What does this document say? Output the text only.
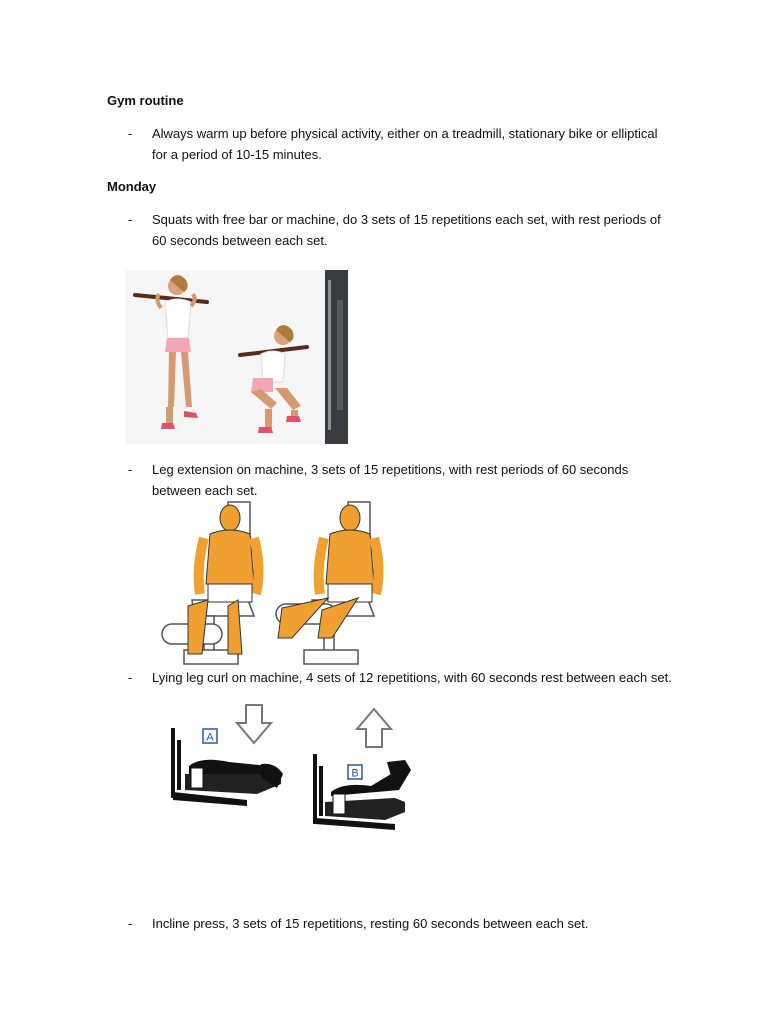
Gym routine
- Always warm up before physical activity, either on a treadmill, stationary bike or elliptical for a period of 10-15 minutes.
Monday
- Squats with free bar or machine, do 3 sets of 15 repetitions each set, with rest periods of 60 seconds between each set.
- Leg extension on machine, 3 sets of 15 repetitions, with rest periods of 60 seconds between each set.
- Lying leg curl on machine, 4 sets of 12 repetitions, with 60 seconds rest between each set.
A
B
- Incline press, 3 sets of 15 repetitions, resting 60 seconds between each set.
